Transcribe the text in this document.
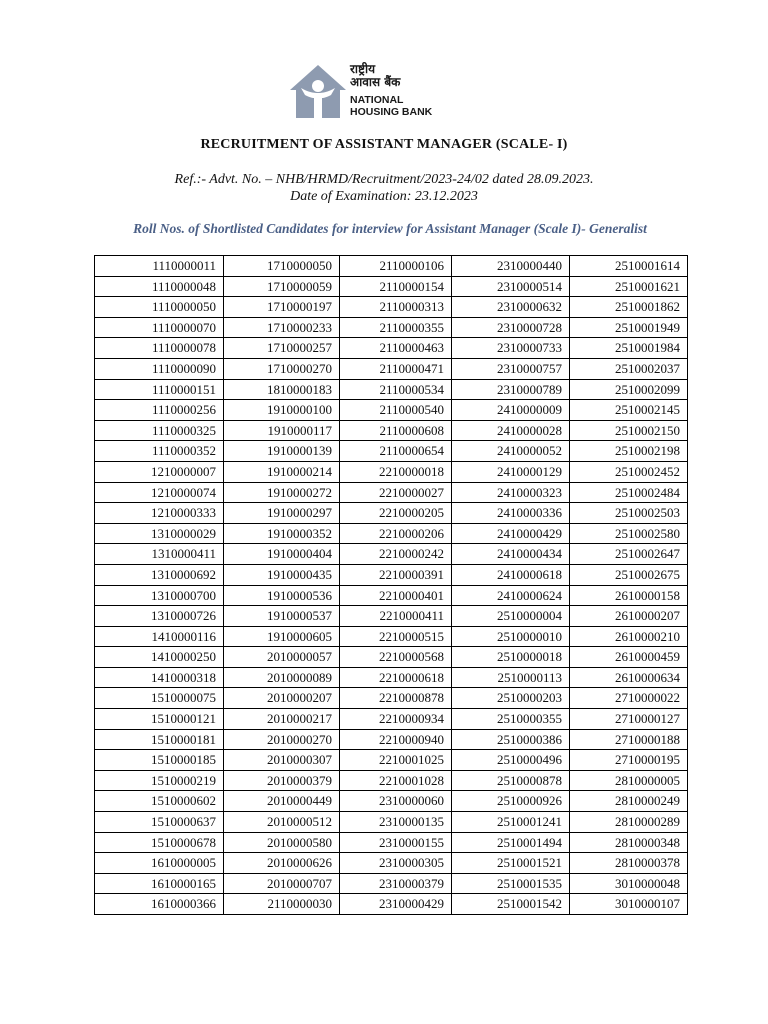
राष्ट्रीय
आवास बैंक
NATIONAL
HOUSING BANK
RECRUITMENT OF ASSISTANT MANAGER (SCALE- I)
Ref.:- Advt. No. – NHB/HRMD/Recruitment/2023-24/02 dated 28.09.2023.
Date of Examination: 23.12.2023
Roll Nos. of Shortlisted Candidates for interview for Assistant Manager (Scale I)- Generalist
1110000011	1710000050	2110000106	2310000440	2510001614
1110000048	1710000059	2110000154	2310000514	2510001621
1110000050	1710000197	2110000313	2310000632	2510001862
1110000070	1710000233	2110000355	2310000728	2510001949
1110000078	1710000257	2110000463	2310000733	2510001984
1110000090	1710000270	2110000471	2310000757	2510002037
1110000151	1810000183	2110000534	2310000789	2510002099
1110000256	1910000100	2110000540	2410000009	2510002145
1110000325	1910000117	2110000608	2410000028	2510002150
1110000352	1910000139	2110000654	2410000052	2510002198
1210000007	1910000214	2210000018	2410000129	2510002452
1210000074	1910000272	2210000027	2410000323	2510002484
1210000333	1910000297	2210000205	2410000336	2510002503
1310000029	1910000352	2210000206	2410000429	2510002580
1310000411	1910000404	2210000242	2410000434	2510002647
1310000692	1910000435	2210000391	2410000618	2510002675
1310000700	1910000536	2210000401	2410000624	2610000158
1310000726	1910000537	2210000411	2510000004	2610000207
1410000116	1910000605	2210000515	2510000010	2610000210
1410000250	2010000057	2210000568	2510000018	2610000459
1410000318	2010000089	2210000618	2510000113	2610000634
1510000075	2010000207	2210000878	2510000203	2710000022
1510000121	2010000217	2210000934	2510000355	2710000127
1510000181	2010000270	2210000940	2510000386	2710000188
1510000185	2010000307	2210001025	2510000496	2710000195
1510000219	2010000379	2210001028	2510000878	2810000005
1510000602	2010000449	2310000060	2510000926	2810000249
1510000637	2010000512	2310000135	2510001241	2810000289
1510000678	2010000580	2310000155	2510001494	2810000348
1610000005	2010000626	2310000305	2510001521	2810000378
1610000165	2010000707	2310000379	2510001535	3010000048
1610000366	2110000030	2310000429	2510001542	3010000107
